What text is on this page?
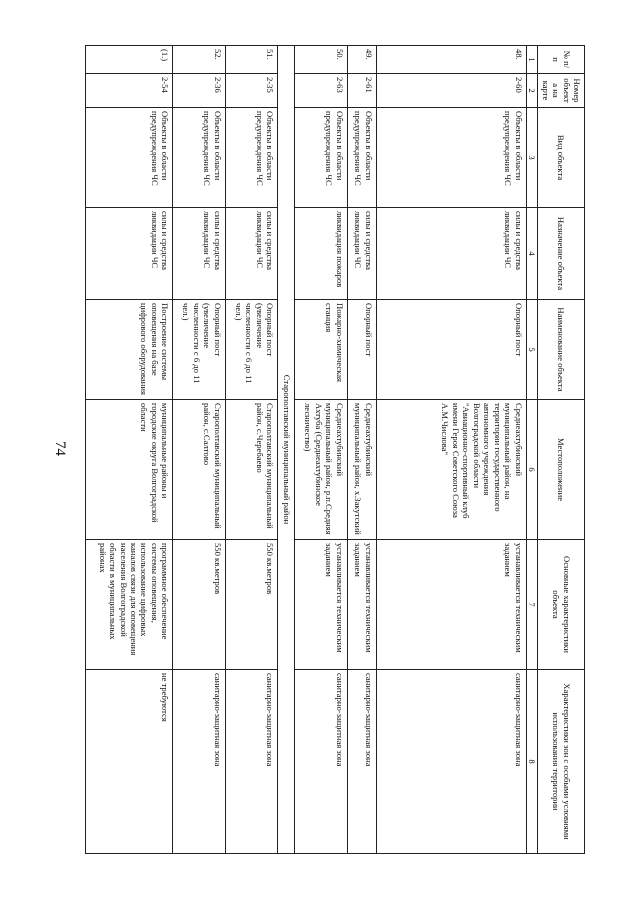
74
№ п/п	Номер объекта на карте	Вид объекта	Назначение объекта	Наименование объекта	Местоположение	Основные характеристики объекта	Характеристики зон с особыми условиями использования территории
1	2	3	4	5	6	7	8
48.	2-60	Объекты в области предупреждения ЧС	силы и средства ликвидации ЧС	Опорный пост	Среднеахтубинский муниципальный район, на территории государственного автономного учреждения Волгоградской области "Авиационно-спортивный клуб имени Героя Советского Союза А.М.Числова"	устанавливается техническим заданием	санитарно-защитная зона
49.	2-61	Объекты в области предупреждения ЧС	силы и средства ликвидации ЧС	Опорный пост	Среднеахтубинский муниципальный район, х.Закутский	устанавливается техническим заданием	санитарно-защитная зона
50.	2-63	Объекты в области предупреждения ЧС	ликвидация пожаров	Пожарно-химическая станция	Среднеахтубинский муниципальный район, р.п.Средняя Ахтуба (Среднеахтубинское лесничество)	устанавливается техническим заданием	санитарно-защитная зона
Старополтавский муниципальный район							
51.	2-35	Объекты в области предупреждения ЧС	силы и средства ликвидации ЧС	Опорный пост (увеличение численности с 6 до 11 чел.)	Старополтавский муниципальный район, с.Черебаево	550 кв.метров	санитарно-защитная зона
52.	2-36	Объекты в области предупреждения ЧС	силы и средства ликвидации ЧС	Опорный пост (увеличение численности с 6 до 11 чел.)	Старополтавский муниципальный район, с.Салтово	550 кв.метров	санитарно-защитная зона
(1.)	2-54	Объекты в области предупреждения ЧС	силы и средства ликвидации ЧС	Построение системы оповещения на базе цифрового оборудования	муниципальные районы и городские округа Волгоградской области	программное обеспечение системы оповещения, использование цифровых каналов связи для оповещения населения Волгоградской области в муниципальных районах	не требуются
